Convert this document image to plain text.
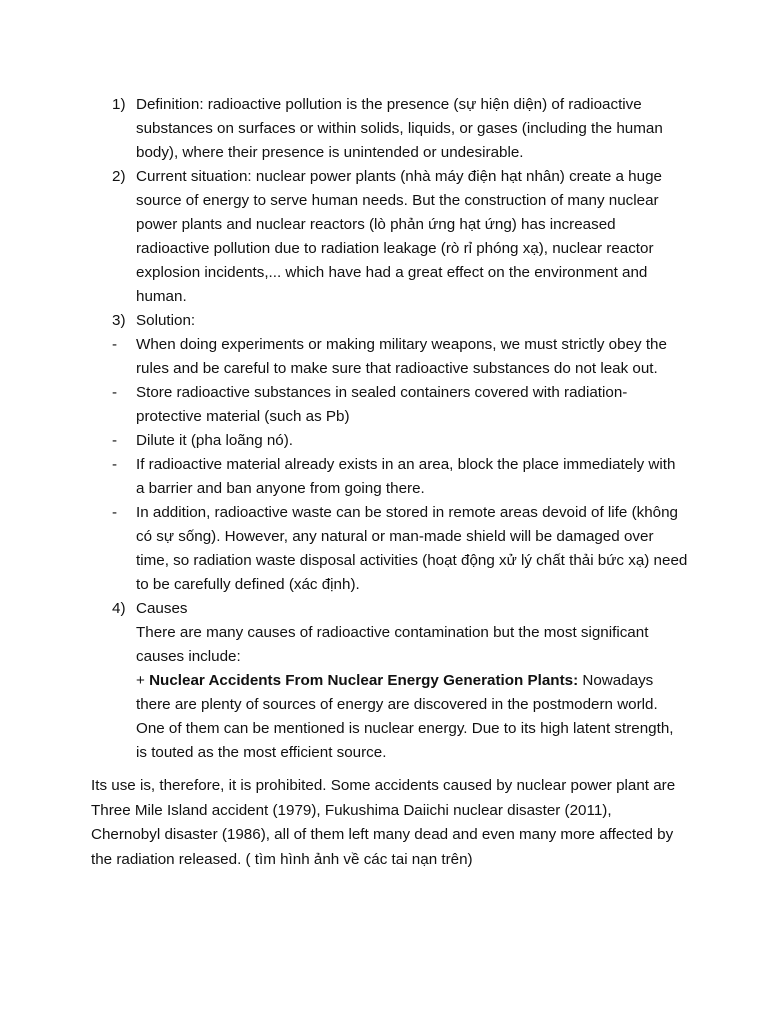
1) Definition: radioactive pollution is the presence (sự hiện diện) of radioactive substances on surfaces or within solids, liquids, or gases (including the human body), where their presence is unintended or undesirable.
2) Current situation: nuclear power plants (nhà máy điện hạt nhân) create a huge source of energy to serve human needs. But the construction of many nuclear power plants and nuclear reactors (lò phản ứng hạt ứng) has increased radioactive pollution due to radiation leakage (rò rỉ phóng xạ), nuclear reactor explosion incidents,... which have had a great effect on the environment and human.
3) Solution:
- When doing experiments or making military weapons, we must strictly obey the rules and be careful to make sure that radioactive substances do not leak out.
- Store radioactive substances in sealed containers covered with radiation-protective material (such as Pb)
- Dilute it (pha loãng nó).
- If radioactive material already exists in an area, block the place immediately with a barrier and ban anyone from going there.
- In addition, radioactive waste can be stored in remote areas devoid of life (không có sự sống). However, any natural or man-made shield will be damaged over time, so radiation waste disposal activities (hoạt động xử lý chất thải bức xạ) need to be carefully defined (xác định).
4) Causes
There are many causes of radioactive contamination but the most significant causes include:
+ Nuclear Accidents From Nuclear Energy Generation Plants: Nowadays there are plenty of sources of energy are discovered in the postmodern world. One of them can be mentioned is nuclear energy. Due to its high latent strength, is touted as the most efficient source.
Its use is, therefore, it is prohibited. Some accidents caused by nuclear power plant are Three Mile Island accident (1979), Fukushima Daiichi nuclear disaster (2011), Chernobyl disaster (1986), all of them left many dead and even many more affected by the radiation released. ( tìm hình ảnh về các tai nạn trên)
